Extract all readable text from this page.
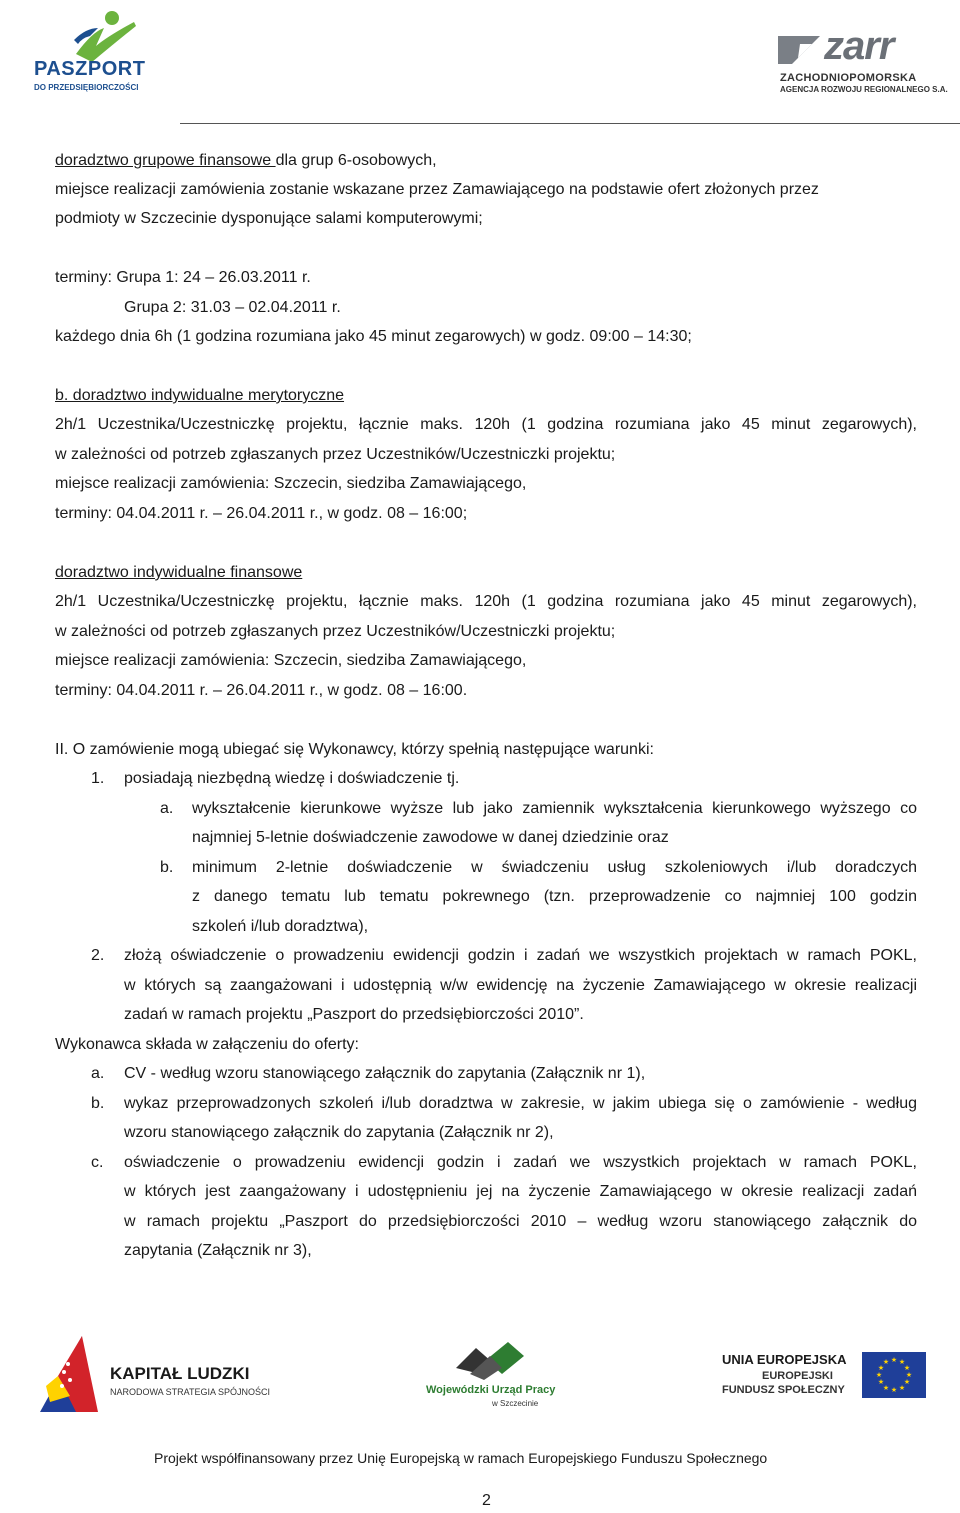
PASZPORT
DO PRZEDSIĘBIORCZOŚCI
zarr
ZACHODNIOPOMORSKA
AGENCJA ROZWOJU REGIONALNEGO S.A.
doradztwo grupowe finansowe dla grup 6-osobowych,
miejsce realizacji zamówienia zostanie wskazane przez Zamawiającego na podstawie ofert złożonych przez
podmioty w Szczecinie dysponujące salami komputerowymi;
terminy: Grupa 1: 24 – 26.03.2011 r.
Grupa 2: 31.03 – 02.04.2011 r.
każdego dnia 6h (1 godzina rozumiana jako 45 minut zegarowych) w godz. 09:00 – 14:30;
b. doradztwo indywidualne merytoryczne
2h/1 Uczestnika/Uczestniczkę projektu, łącznie maks. 120h (1 godzina rozumiana jako 45 minut zegarowych),
w zależności od potrzeb zgłaszanych przez Uczestników/Uczestniczki projektu;
miejsce realizacji zamówienia: Szczecin, siedziba Zamawiającego,
terminy: 04.04.2011 r. – 26.04.2011 r., w godz. 08 – 16:00;
doradztwo indywidualne finansowe
2h/1 Uczestnika/Uczestniczkę projektu, łącznie maks. 120h (1 godzina rozumiana jako 45 minut zegarowych),
w zależności od potrzeb zgłaszanych przez Uczestników/Uczestniczki projektu;
miejsce realizacji zamówienia: Szczecin, siedziba Zamawiającego,
terminy: 04.04.2011 r. – 26.04.2011 r., w godz. 08 – 16:00.
II. O zamówienie mogą ubiegać się Wykonawcy, którzy spełnią następujące warunki:
1. posiadają niezbędną wiedzę i doświadczenie tj.
a. wykształcenie kierunkowe wyższe lub jako zamiennik wykształcenia kierunkowego wyższego co
najmniej 5-letnie doświadczenie zawodowe w danej dziedzinie oraz
b. minimum 2-letnie doświadczenie w świadczeniu usług szkoleniowych i/lub doradczych
z danego tematu lub tematu pokrewnego (tzn. przeprowadzenie co najmniej 100 godzin
szkoleń i/lub doradztwa),
2. złożą oświadczenie o prowadzeniu ewidencji godzin i zadań we wszystkich projektach w ramach POKL,
w których są zaangażowani i udostępnią w/w ewidencję na życzenie Zamawiającego w okresie realizacji
zadań w ramach projektu „Paszport do przedsiębiorczości 2010”.
Wykonawca składa w załączeniu do oferty:
a. CV - według wzoru stanowiącego załącznik do zapytania (Załącznik nr 1),
b. wykaz przeprowadzonych szkoleń i/lub doradztwa w zakresie, w jakim ubiega się o zamówienie - według
wzoru stanowiącego załącznik do zapytania (Załącznik nr 2),
c. oświadczenie o prowadzeniu ewidencji godzin i zadań we wszystkich projektach w ramach POKL,
w których jest zaangażowany i udostępnieniu jej na życzenie Zamawiającego w okresie realizacji zadań
w ramach projektu „Paszport do przedsiębiorczości 2010 – według wzoru stanowiącego załącznik do
zapytania (Załącznik nr 3),
KAPITAŁ LUDZKI
NARODOWA STRATEGIA SPÓJNOŚCI	Wojewódzki Urząd Pracy
w Szczecinie
UNIA EUROPEJSKA
EUROPEJSKI
FUNDUSZ SPOŁECZNY
★ ★
★
★
★
★
★
★
★
★
★
★
Projekt współfinansowany przez Unię Europejską w ramach Europejskiego Funduszu Społecznego
2
